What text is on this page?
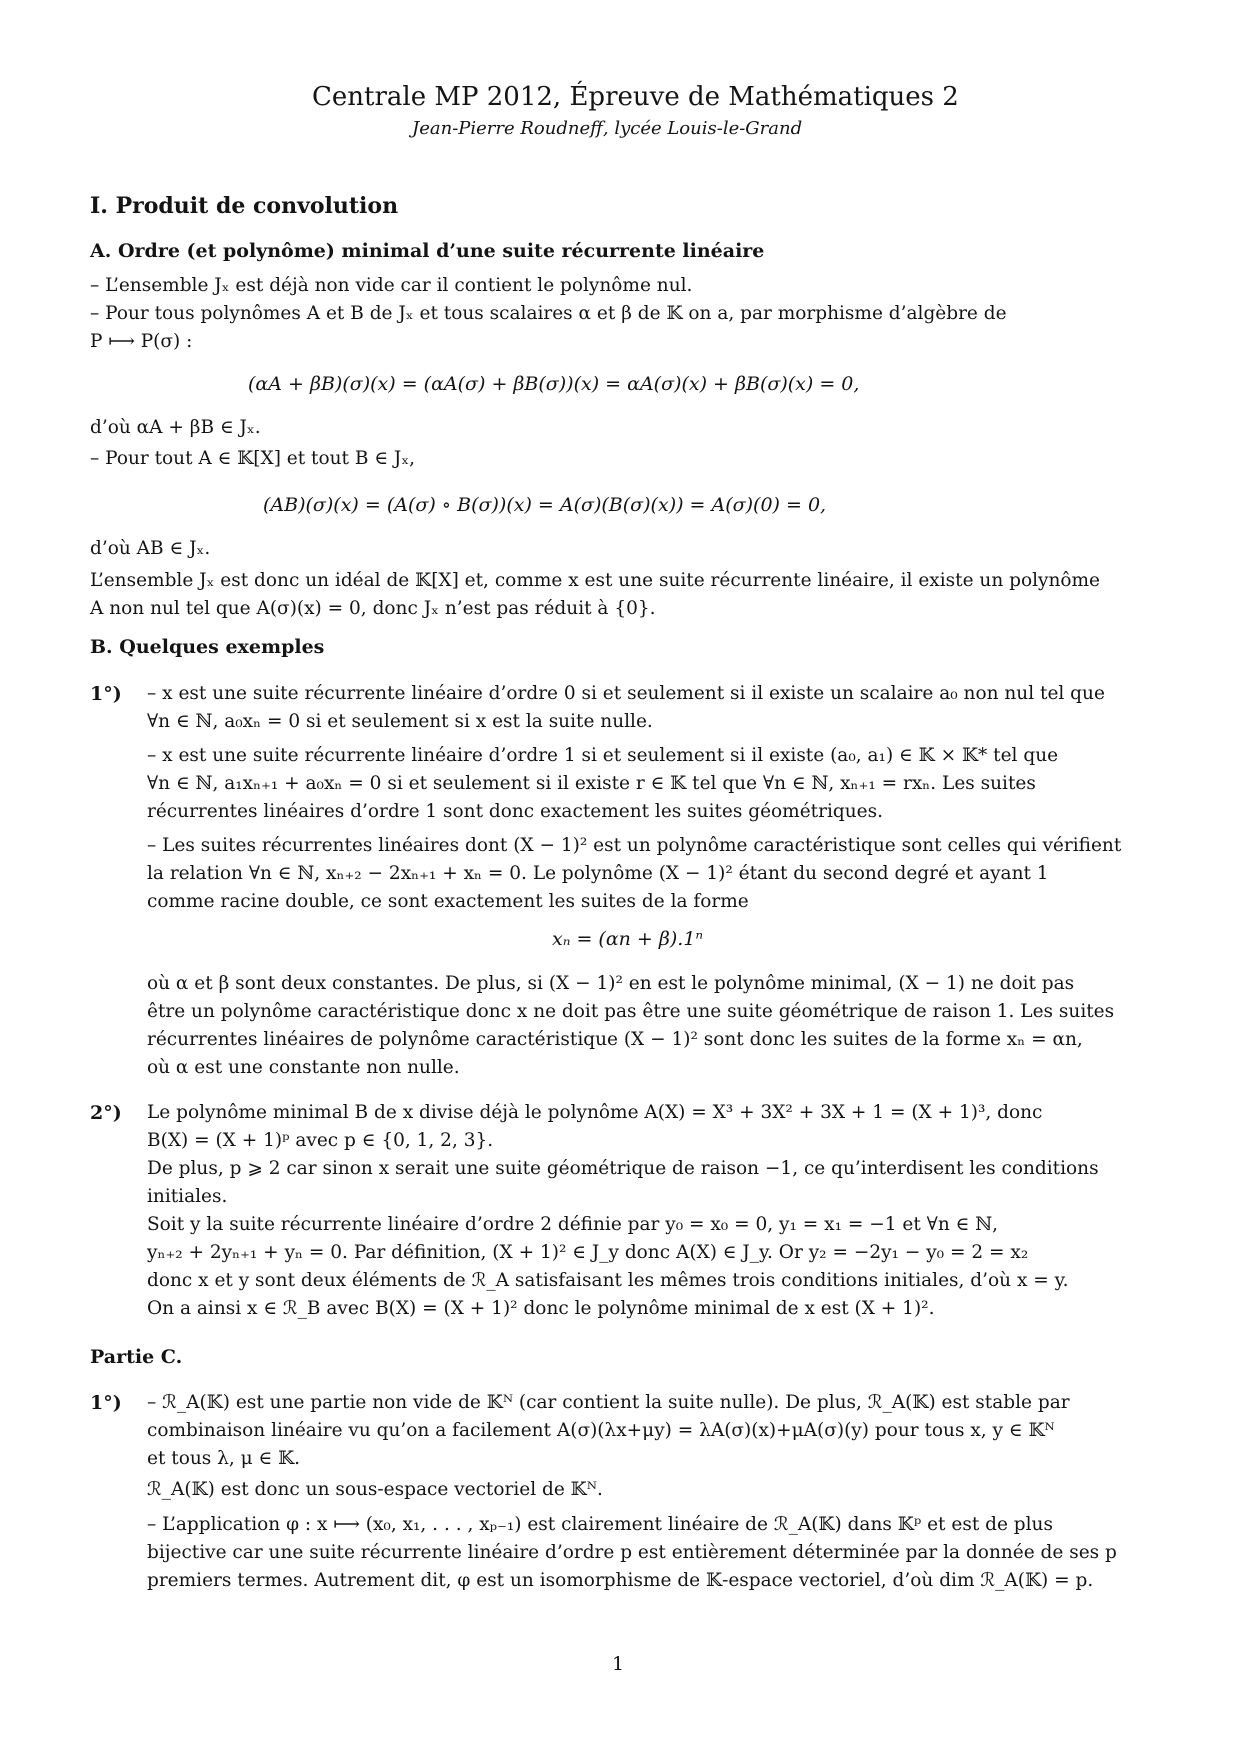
Centrale MP 2012, Épreuve de Mathématiques 2
Jean-Pierre Roudneff, lycée Louis-le-Grand
I. Produit de convolution
A. Ordre (et polynôme) minimal d’une suite récurrente linéaire
– L’ensemble Jₓ est déjà non vide car il contient le polynôme nul.
– Pour tous polynômes A et B de Jₓ et tous scalaires α et β de 𝕂 on a, par morphisme d’algèbre de
P ⟼ P(σ) :
(αA + βB)(σ)(x) = (αA(σ) + βB(σ))(x) = αA(σ)(x) + βB(σ)(x) = 0,
d’où αA + βB ∈ Jₓ.
– Pour tout A ∈ 𝕂[X] et tout B ∈ Jₓ,
(AB)(σ)(x) = (A(σ) ∘ B(σ))(x) = A(σ)(B(σ)(x)) = A(σ)(0) = 0,
d’où AB ∈ Jₓ.
L’ensemble Jₓ est donc un idéal de 𝕂[X] et, comme x est une suite récurrente linéaire, il existe un polynôme
A non nul tel que A(σ)(x) = 0, donc Jₓ n’est pas réduit à {0}.
B. Quelques exemples
1°) – x est une suite récurrente linéaire d’ordre 0 si et seulement si il existe un scalaire a₀ non nul tel que
∀n ∈ ℕ, a₀xₙ = 0 si et seulement si x est la suite nulle.
– x est une suite récurrente linéaire d’ordre 1 si et seulement si il existe (a₀, a₁) ∈ 𝕂 × 𝕂* tel que
∀n ∈ ℕ, a₁xₙ₊₁ + a₀xₙ = 0 si et seulement si il existe r ∈ 𝕂 tel que ∀n ∈ ℕ, xₙ₊₁ = rxₙ. Les suites
récurrentes linéaires d’ordre 1 sont donc exactement les suites géométriques.
– Les suites récurrentes linéaires dont (X − 1)² est un polynôme caractéristique sont celles qui vérifient
la relation ∀n ∈ ℕ, xₙ₊₂ − 2xₙ₊₁ + xₙ = 0. Le polynôme (X − 1)² étant du second degré et ayant 1
comme racine double, ce sont exactement les suites de la forme
xₙ = (αn + β).1ⁿ
où α et β sont deux constantes. De plus, si (X − 1)² en est le polynôme minimal, (X − 1) ne doit pas
être un polynôme caractéristique donc x ne doit pas être une suite géométrique de raison 1. Les suites
récurrentes linéaires de polynôme caractéristique (X − 1)² sont donc les suites de la forme xₙ = αn,
où α est une constante non nulle.
2°) Le polynôme minimal B de x divise déjà le polynôme A(X) = X³ + 3X² + 3X + 1 = (X + 1)³, donc
B(X) = (X + 1)ᵖ avec p ∈ {0, 1, 2, 3}.
De plus, p ⩾ 2 car sinon x serait une suite géométrique de raison −1, ce qu’interdisent les conditions
initiales.
Soit y la suite récurrente linéaire d’ordre 2 définie par y₀ = x₀ = 0, y₁ = x₁ = −1 et ∀n ∈ ℕ,
yₙ₊₂ + 2yₙ₊₁ + yₙ = 0. Par définition, (X + 1)² ∈ J_y donc A(X) ∈ J_y. Or y₂ = −2y₁ − y₀ = 2 = x₂
donc x et y sont deux éléments de ℛ_A satisfaisant les mêmes trois conditions initiales, d’où x = y.
On a ainsi x ∈ ℛ_B avec B(X) = (X + 1)² donc le polynôme minimal de x est (X + 1)².
Partie C.
1°) – ℛ_A(𝕂) est une partie non vide de 𝕂ᴺ (car contient la suite nulle). De plus, ℛ_A(𝕂) est stable par
combinaison linéaire vu qu’on a facilement A(σ)(λx+μy) = λA(σ)(x)+μA(σ)(y) pour tous x, y ∈ 𝕂ᴺ
et tous λ, μ ∈ 𝕂.
ℛ_A(𝕂) est donc un sous-espace vectoriel de 𝕂ᴺ.
– L’application φ : x ⟼ (x₀, x₁, . . . , xₚ₋₁) est clairement linéaire de ℛ_A(𝕂) dans 𝕂ᵖ et est de plus
bijective car une suite récurrente linéaire d’ordre p est entièrement déterminée par la donnée de ses p
premiers termes. Autrement dit, φ est un isomorphisme de 𝕂-espace vectoriel, d’où dim ℛ_A(𝕂) = p.
1
